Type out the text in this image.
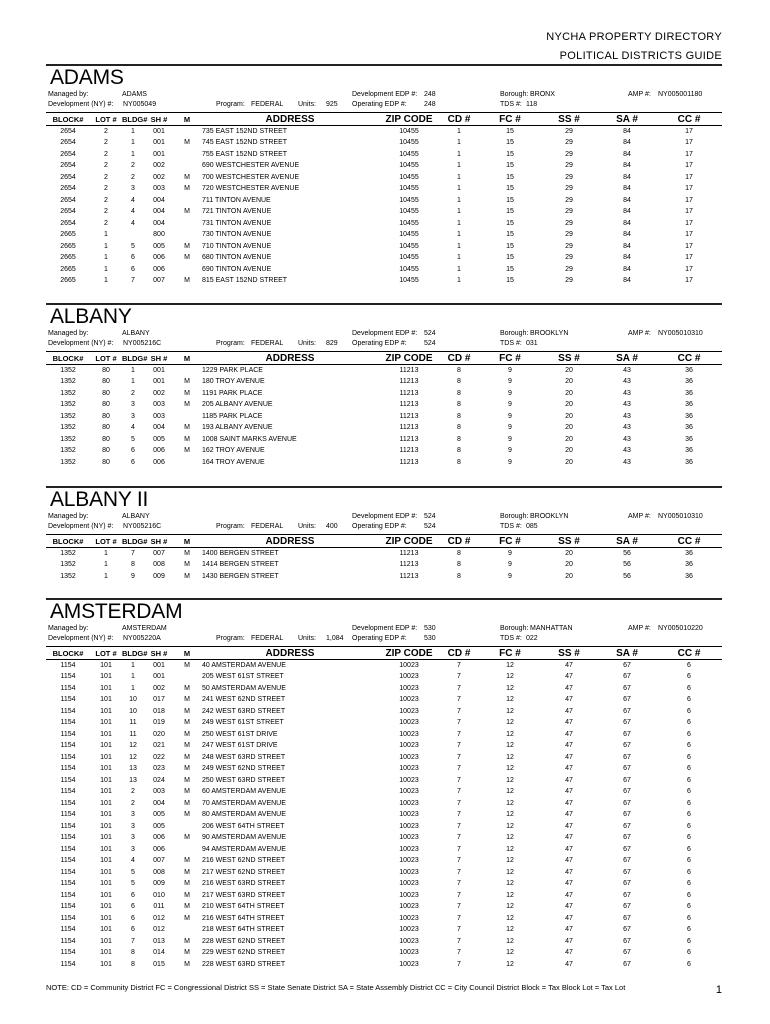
NYCHA PROPERTY DIRECTORY
POLITICAL DISTRICTS GUIDE
ADAMS
Managed by:	ADAMS
Development (NY) #: NY005049	Program: FEDERAL Units: 925
Development EDP #: 248
Operating EDP #: 248
Borough: BRONX
TDS #: 118
AMP #: NY005001180
BLOCK#	LOT #	BLDG#	SH #	M	ADDRESS	ZIP CODE	CD #	FC #	SS #	SA #	CC #
2654	2	1	001		735 EAST 152ND STREET	10455	1	15	29	84	17
2654	2	1	001	M	745 EAST 152ND STREET	10455	1	15	29	84	17
2654	2	1	001		755 EAST 152ND STREET	10455	1	15	29	84	17
2654	2	2	002		690 WESTCHESTER AVENUE	10455	1	15	29	84	17
2654	2	2	002	M	700 WESTCHESTER AVENUE	10455	1	15	29	84	17
2654	2	3	003	M	720 WESTCHESTER AVENUE	10455	1	15	29	84	17
2654	2	4	004		711 TINTON AVENUE	10455	1	15	29	84	17
2654	2	4	004	M	721 TINTON AVENUE	10455	1	15	29	84	17
2654	2	4	004		731 TINTON AVENUE	10455	1	15	29	84	17
2665	1		800		730 TINTON AVENUE	10455	1	15	29	84	17
2665	1	5	005	M	710 TINTON AVENUE	10455	1	15	29	84	17
2665	1	6	006	M	680 TINTON AVENUE	10455	1	15	29	84	17
2665	1	6	006		690 TINTON AVENUE	10455	1	15	29	84	17
2665	1	7	007	M	815 EAST 152ND STREET	10455	1	15	29	84	17
ALBANY
Managed by:	ALBANY
Development (NY) #: NY005216C	Program: FEDERAL Units: 829
Development EDP #: 524
Operating EDP #: 524
Borough: BROOKLYN
TDS #: 031
AMP #: NY005010310
BLOCK#	LOT #	BLDG#	SH #	M	ADDRESS	ZIP CODE	CD #	FC #	SS #	SA #	CC #
1352	80	1	001		1229 PARK PLACE	11213	8	9	20	43	36
1352	80	1	001	M	180 TROY AVENUE	11213	8	9	20	43	36
1352	80	2	002	M	1191 PARK PLACE	11213	8	9	20	43	36
1352	80	3	003	M	205 ALBANY AVENUE	11213	8	9	20	43	36
1352	80	3	003		1185 PARK PLACE	11213	8	9	20	43	36
1352	80	4	004	M	193 ALBANY AVENUE	11213	8	9	20	43	36
1352	80	5	005	M	1008 SAINT MARKS AVENUE	11213	8	9	20	43	36
1352	80	6	006	M	162 TROY AVENUE	11213	8	9	20	43	36
1352	80	6	006		164 TROY AVENUE	11213	8	9	20	43	36
ALBANY II
Managed by:	ALBANY
Development (NY) #: NY005216C	Program: FEDERAL Units: 400
Development EDP #: 524
Operating EDP #: 524
Borough: BROOKLYN
TDS #: 085
AMP #: NY005010310
BLOCK#	LOT #	BLDG#	SH #	M	ADDRESS	ZIP CODE	CD #	FC #	SS #	SA #	CC #
1352	1	7	007	M	1400 BERGEN STREET	11213	8	9	20	56	36
1352	1	8	008	M	1414 BERGEN STREET	11213	8	9	20	56	36
1352	1	9	009	M	1430 BERGEN STREET	11213	8	9	20	56	36
AMSTERDAM
Managed by:	AMSTERDAM
Development (NY) #: NY005220A	Program: FEDERAL Units: 1,084
Development EDP #: 530
Operating EDP #: 530
Borough: MANHATTAN
TDS #: 022
AMP #: NY005010220
BLOCK#	LOT #	BLDG#	SH #	M	ADDRESS	ZIP CODE	CD #	FC #	SS #	SA #	CC #
1154	101	1	001	M	40 AMSTERDAM AVENUE	10023	7	12	47	67	6
1154	101	1	001		205 WEST 61ST STREET	10023	7	12	47	67	6
1154	101	1	002	M	50 AMSTERDAM AVENUE	10023	7	12	47	67	6
1154	101	10	017	M	241 WEST 62ND STREET	10023	7	12	47	67	6
1154	101	10	018	M	242 WEST 63RD STREET	10023	7	12	47	67	6
1154	101	11	019	M	249 WEST 61ST STREET	10023	7	12	47	67	6
1154	101	11	020	M	250 WEST 61ST DRIVE	10023	7	12	47	67	6
1154	101	12	021	M	247 WEST 61ST DRIVE	10023	7	12	47	67	6
1154	101	12	022	M	248 WEST 63RD STREET	10023	7	12	47	67	6
1154	101	13	023	M	249 WEST 62ND STREET	10023	7	12	47	67	6
1154	101	13	024	M	250 WEST 63RD STREET	10023	7	12	47	67	6
1154	101	2	003	M	60 AMSTERDAM AVENUE	10023	7	12	47	67	6
1154	101	2	004	M	70 AMSTERDAM AVENUE	10023	7	12	47	67	6
1154	101	3	005	M	80 AMSTERDAM AVENUE	10023	7	12	47	67	6
1154	101	3	005		206 WEST 64TH STREET	10023	7	12	47	67	6
1154	101	3	006	M	90 AMSTERDAM AVENUE	10023	7	12	47	67	6
1154	101	3	006		94 AMSTERDAM AVENUE	10023	7	12	47	67	6
1154	101	4	007	M	216 WEST 62ND STREET	10023	7	12	47	67	6
1154	101	5	008	M	217 WEST 62ND STREET	10023	7	12	47	67	6
1154	101	5	009	M	216 WEST 63RD STREET	10023	7	12	47	67	6
1154	101	6	010	M	217 WEST 63RD STREET	10023	7	12	47	67	6
1154	101	6	011	M	210 WEST 64TH STREET	10023	7	12	47	67	6
1154	101	6	012	M	216 WEST 64TH STREET	10023	7	12	47	67	6
1154	101	6	012		218 WEST 64TH STREET	10023	7	12	47	67	6
1154	101	7	013	M	228 WEST 62ND STREET	10023	7	12	47	67	6
1154	101	8	014	M	229 WEST 62ND STREET	10023	7	12	47	67	6
1154	101	8	015	M	228 WEST 63RD STREET	10023	7	12	47	67	6
NOTE: CD = Community District FC = Congressional District SS = State Senate District SA = State Assembly District CC = City Council District Block = Tax Block Lot = Tax Lot	1
